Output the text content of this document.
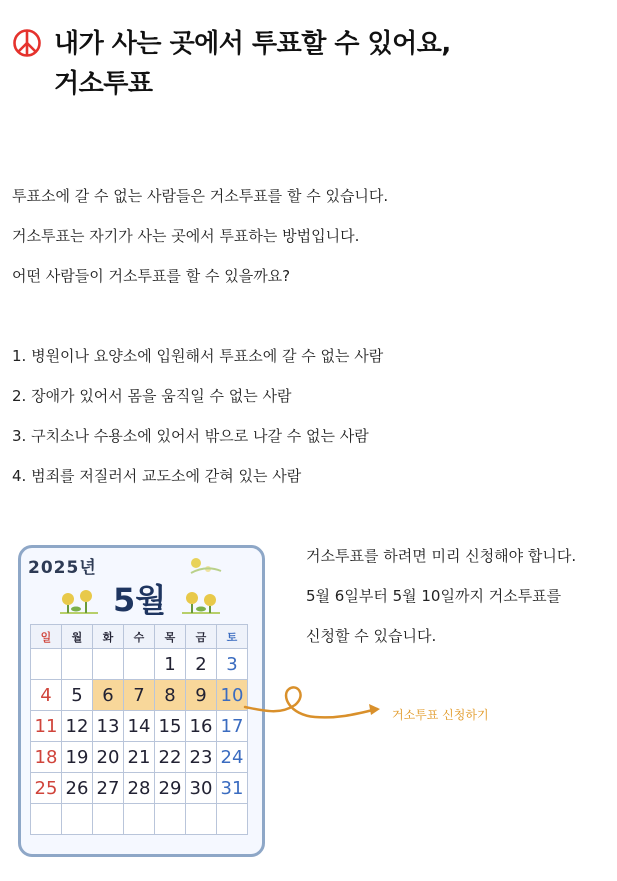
내가 사는 곳에서 투표할 수 있어요,
거소투표
투표소에 갈 수 없는 사람들은 거소투표를 할 수 있습니다.
거소투표는 자기가 사는 곳에서 투표하는 방법입니다.
어떤 사람들이 거소투표를 할 수 있을까요?
1. 병원이나 요양소에 입원해서 투표소에 갈 수 없는 사람
2. 장애가 있어서 몸을 움직일 수 없는 사람
3. 구치소나 수용소에 있어서 밖으로 나갈 수 없는 사람
4. 범죄를 저질러서 교도소에 갇혀 있는 사람
2025년
5월
일	월	화	수	목	금	토
				1	2	3
4	5	6	7	8	9	10
11	12	13	14	15	16	17
18	19	20	21	22	23	24
25	26	27	28	29	30	31

거소투표를 하려면 미리 신청해야 합니다.
5월 6일부터 5월 10일까지 거소투표를
신청할 수 있습니다.
거소투표 신청하기
